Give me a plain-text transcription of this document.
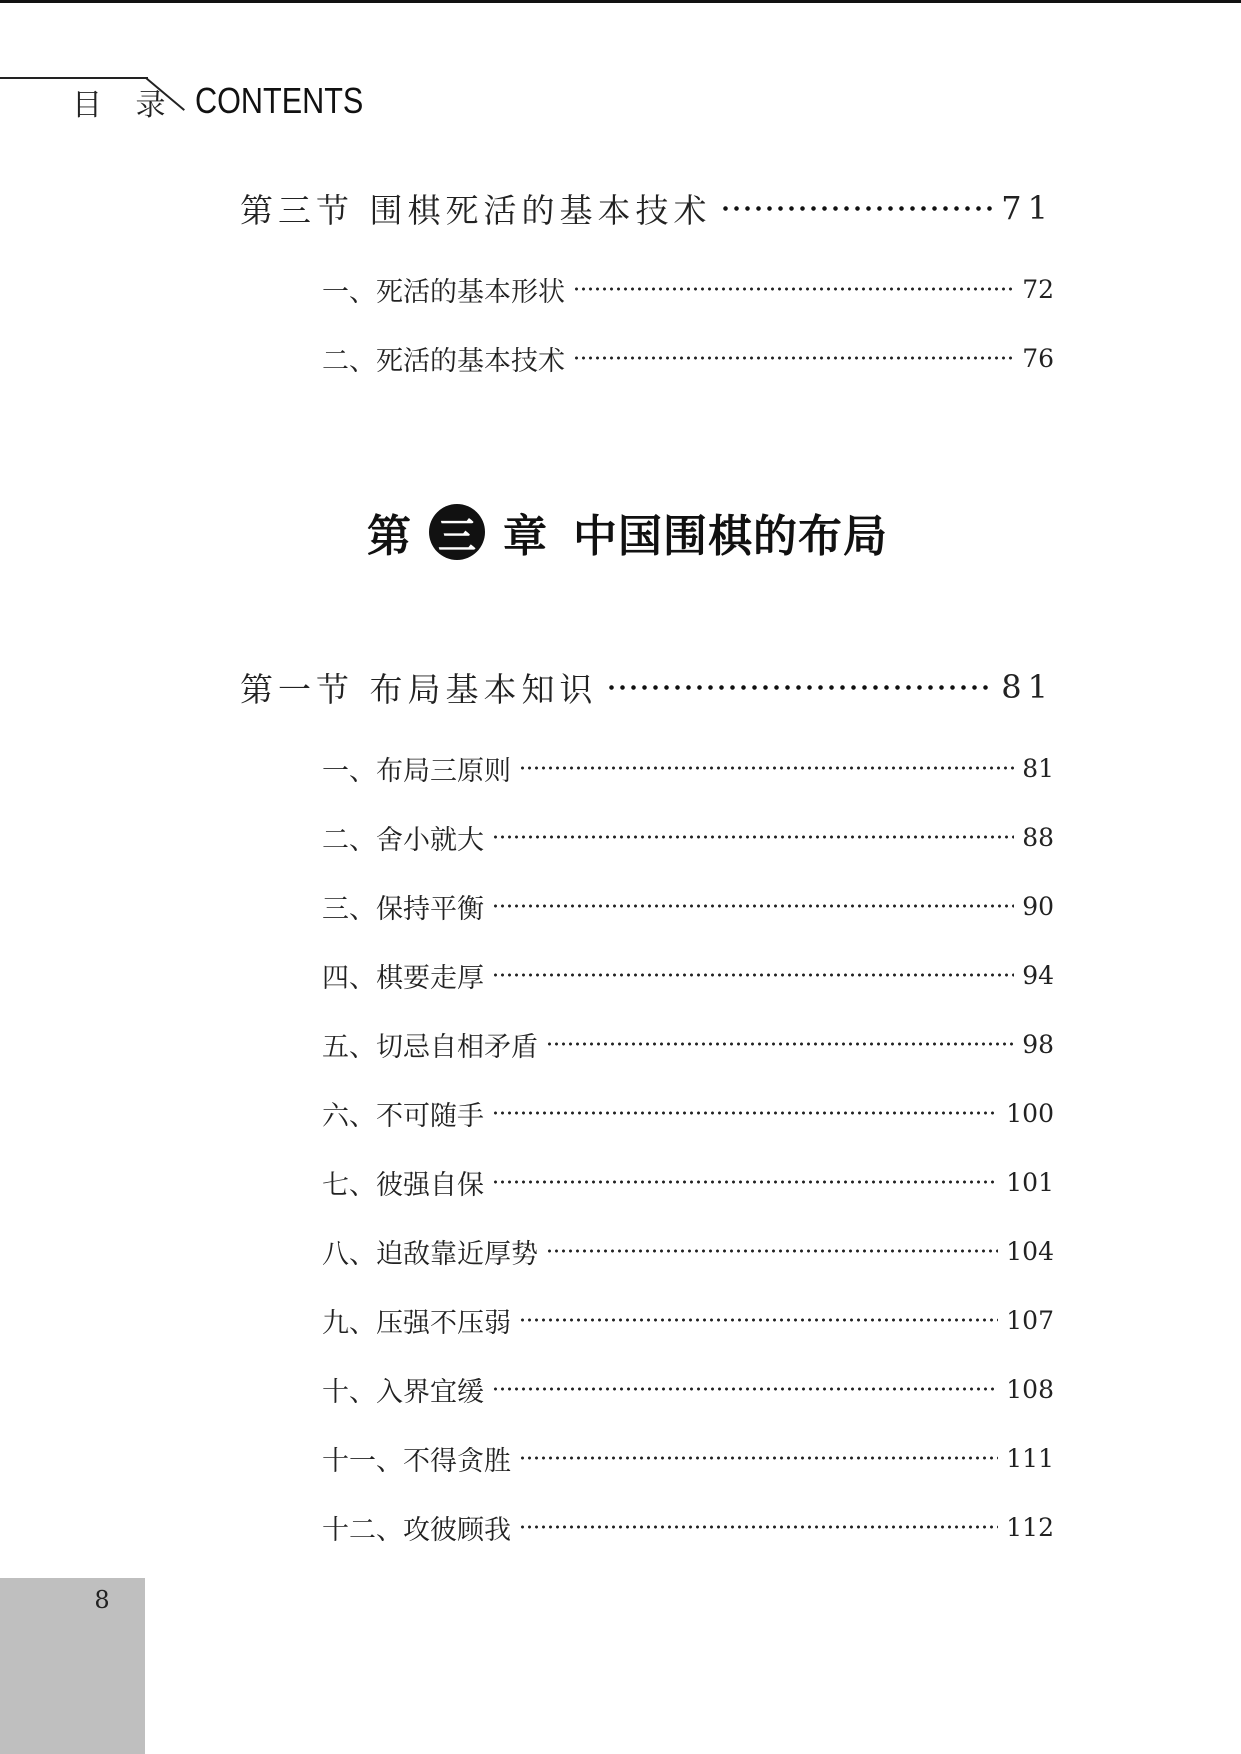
目 录 CONTENTS
第三节 围棋死活的基本技术	71
一、死活的基本形状	72
二、死活的基本技术	76
第 三 章 中国围棋的布局
第一节 布局基本知识	81
一、布局三原则	81
二、舍小就大	88
三、保持平衡	90
四、棋要走厚	94
五、切忌自相矛盾	98
六、不可随手	100
七、彼强自保	101
八、迫敌靠近厚势	104
九、压强不压弱	107
十、入界宜缓	108
十一、不得贪胜	111
十二、攻彼顾我	112
8
